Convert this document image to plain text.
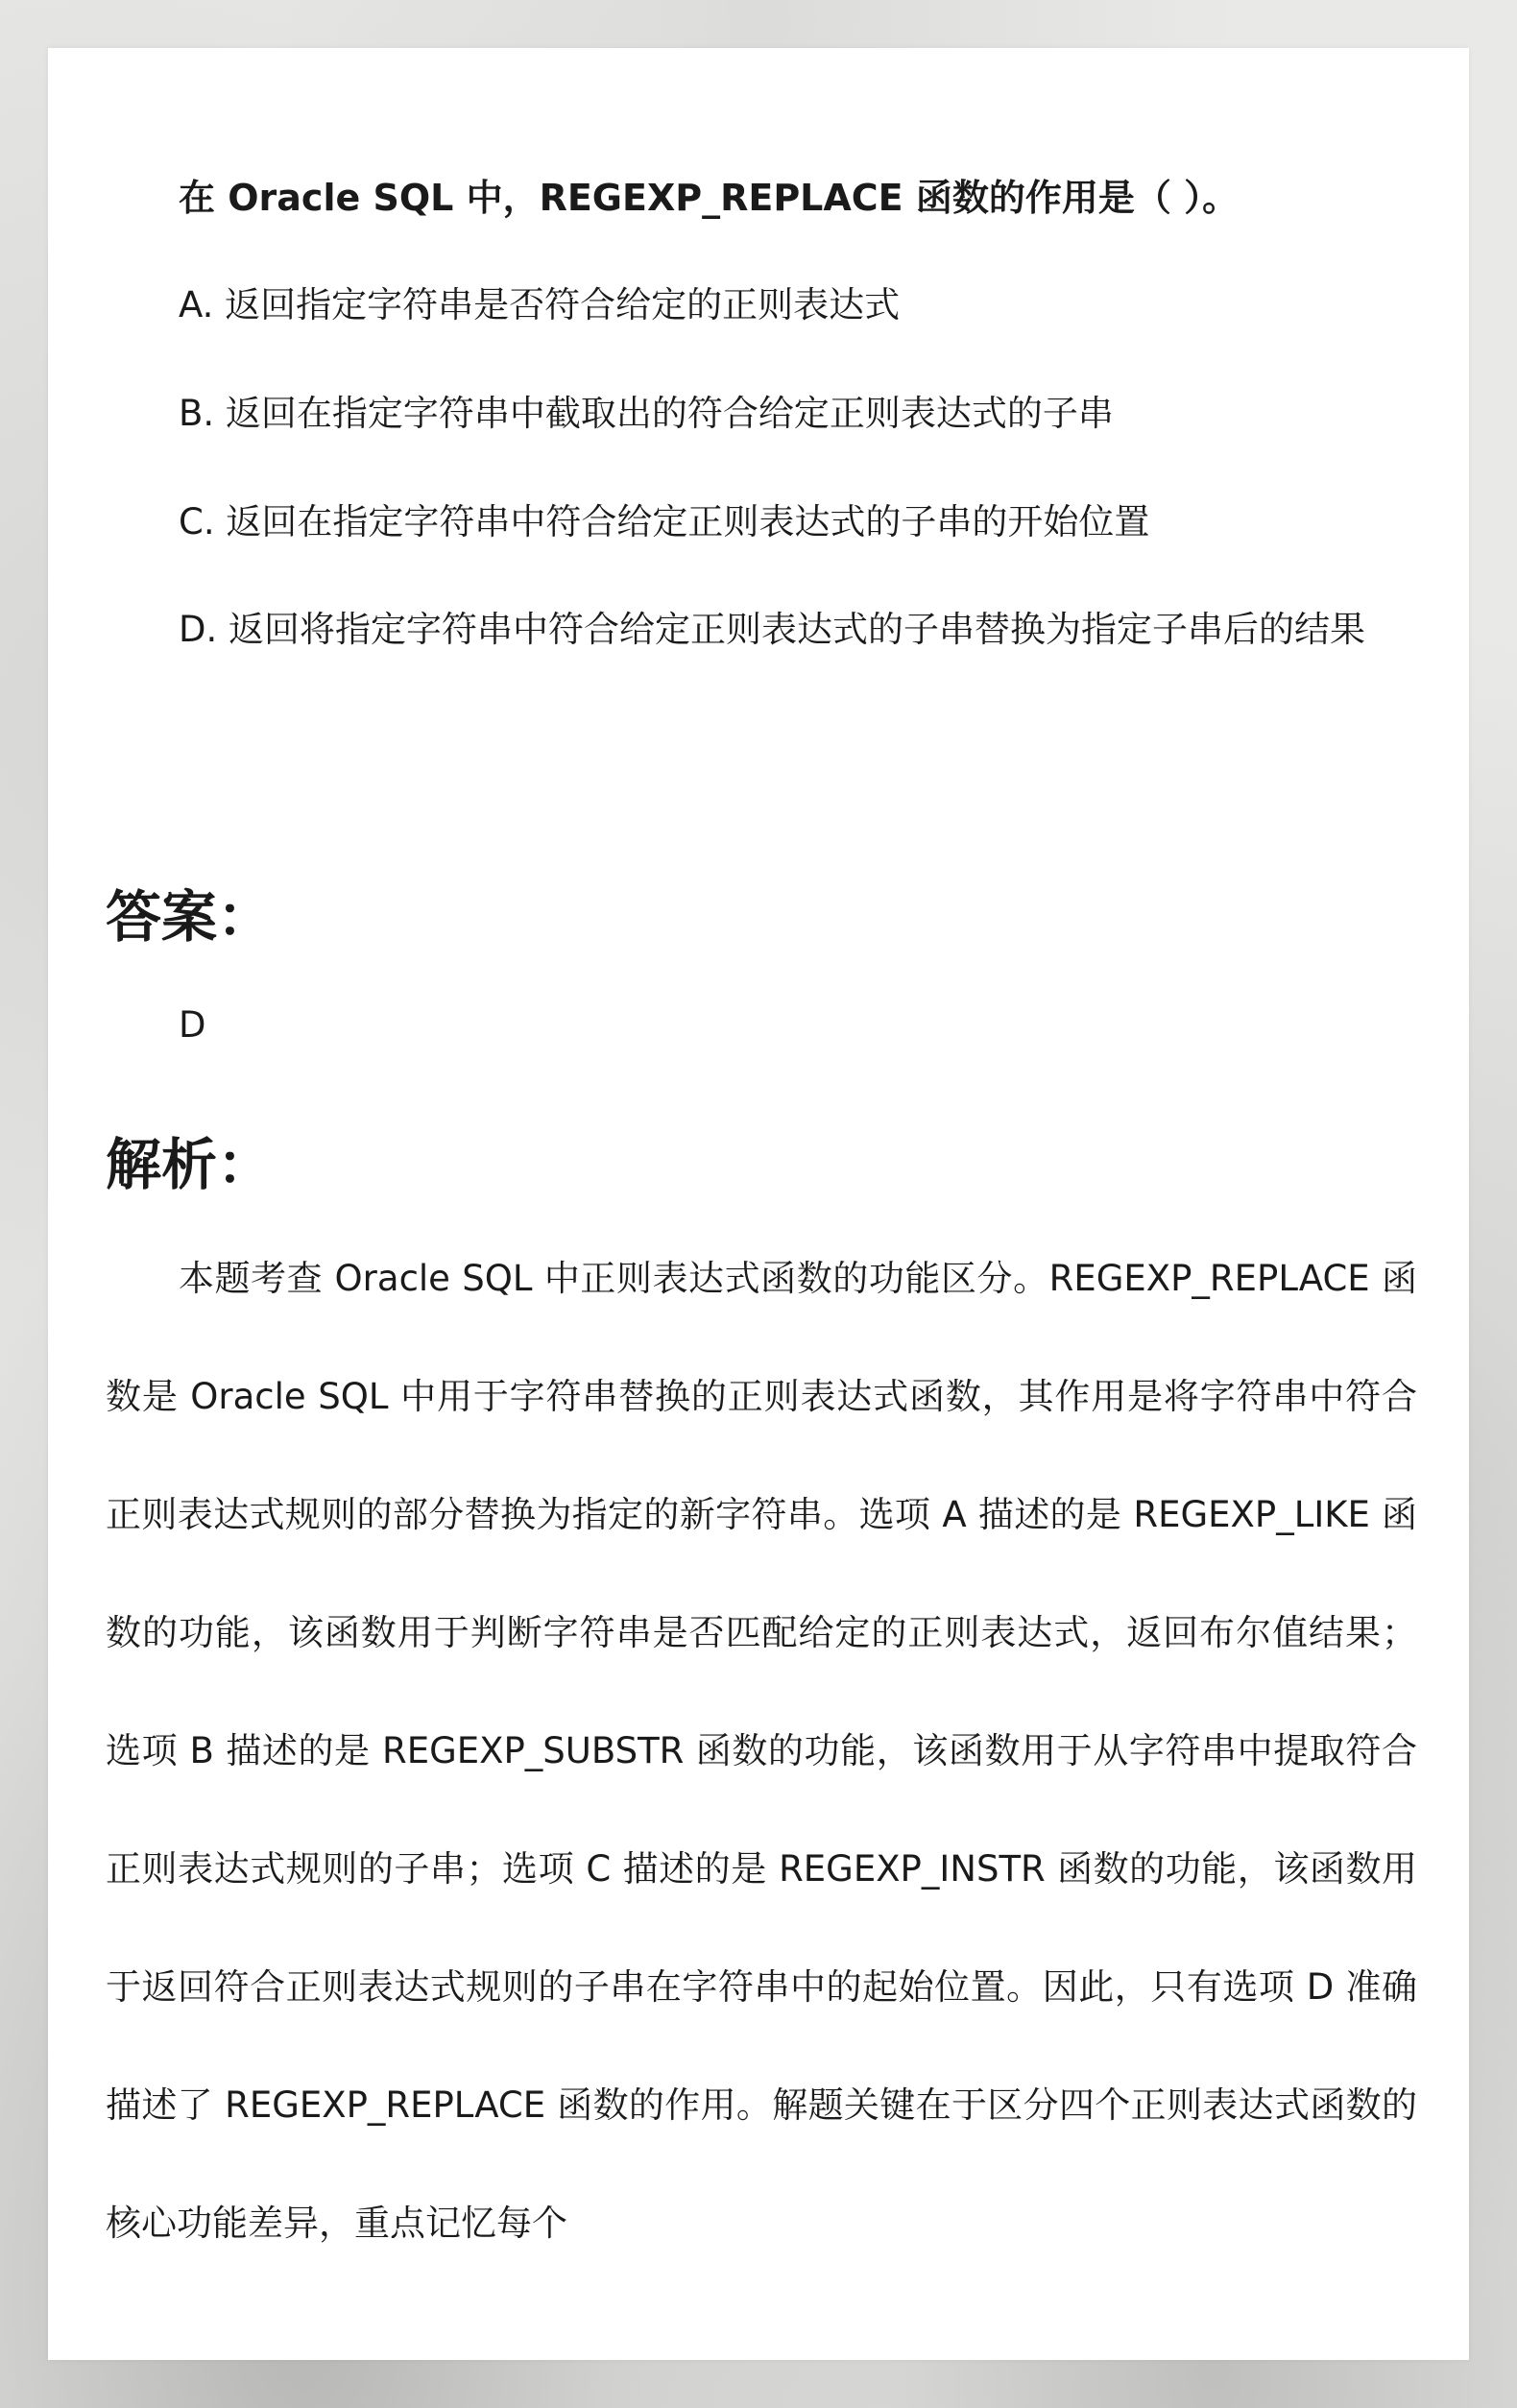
在 Oracle SQL 中，REGEXP_REPLACE 函数的作用是（ ）。
A. 返回指定字符串是否符合给定的正则表达式
B. 返回在指定字符串中截取出的符合给定正则表达式的子串
C. 返回在指定字符串中符合给定正则表达式的子串的开始位置
D. 返回将指定字符串中符合给定正则表达式的子串替换为指定子串后的结果
答案：
D
解析：
本题考查 Oracle SQL 中正则表达式函数的功能区分。REGEXP_REPLACE 函数是 Oracle SQL 中用于字符串替换的正则表达式函数，其作用是将字符串中符合正则表达式规则的部分替换为指定的新字符串。选项 A 描述的是 REGEXP_LIKE 函数的功能，该函数用于判断字符串是否匹配给定的正则表达式，返回布尔值结果；选项 B 描述的是 REGEXP_SUBSTR 函数的功能，该函数用于从字符串中提取符合正则表达式规则的子串；选项 C 描述的是 REGEXP_INSTR 函数的功能，该函数用于返回符合正则表达式规则的子串在字符串中的起始位置。因此，只有选项 D 准确描述了 REGEXP_REPLACE 函数的作用。解题关键在于区分四个正则表达式函数的核心功能差异，重点记忆每个
